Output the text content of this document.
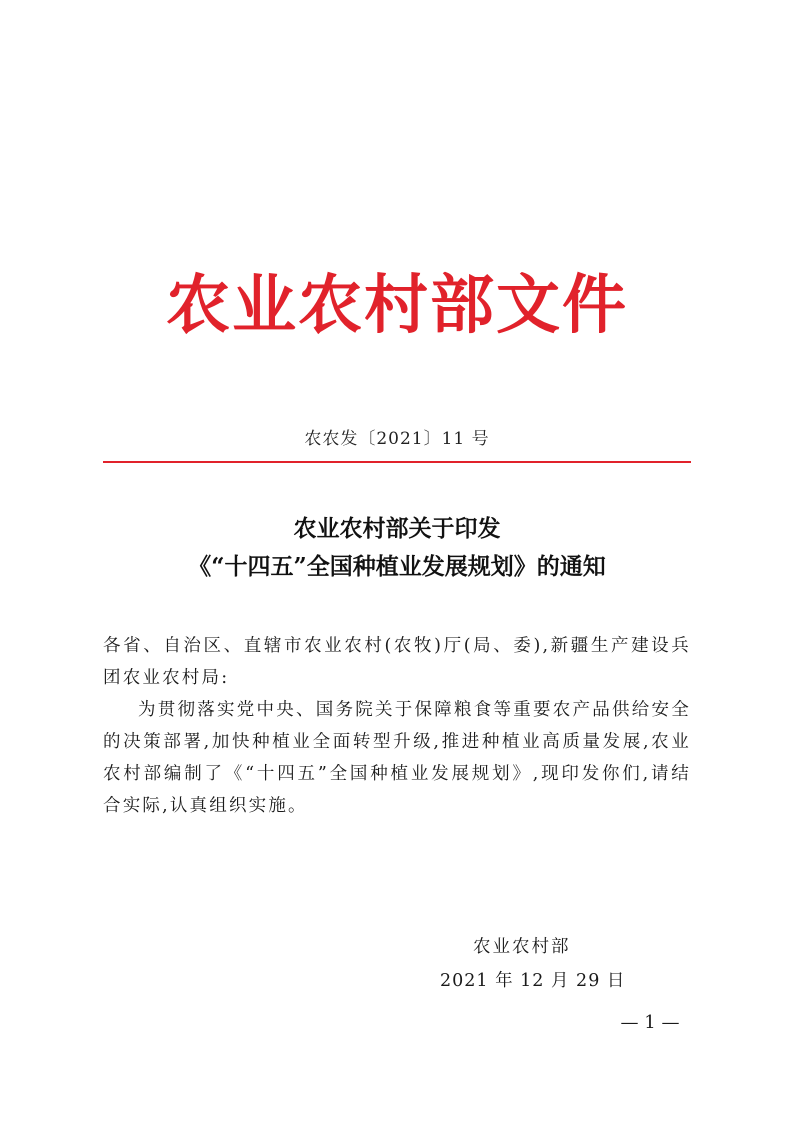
农业农村部文件
农农发〔2021〕11 号
农业农村部关于印发
《“十四五”全国种植业发展规划》的通知

各省、自治区、直辖市农业农村(农牧)厅(局、委),新疆生产建设兵团农业农村局:

为贯彻落实党中央、国务院关于保障粮食等重要农产品供给安全的决策部署,加快种植业全面转型升级,推进种植业高质量发展,农业农村部编制了《“十四五”全国种植业发展规划》,现印发你们,请结合实际,认真组织实施。

农业农村部
2021 年 12 月 29 日
— 1 —
